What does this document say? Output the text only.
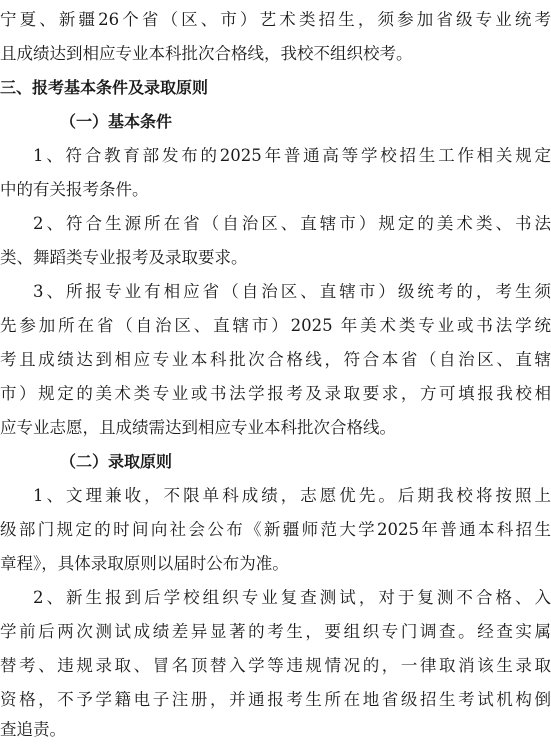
宁夏、新疆26个省（区、市）艺术类招生，须参加省级专业统考
且成绩达到相应专业本科批次合格线，我校不组织校考。
三、报考基本条件及录取原则
（一）基本条件
1、符合教育部发布的2025年普通高等学校招生工作相关规定
中的有关报考条件。
2、符合生源所在省（自治区、直辖市）规定的美术类、书法
类、舞蹈类专业报考及录取要求。
3、所报专业有相应省（自治区、直辖市）级统考的，考生须
先参加所在省（自治区、直辖市）2025 年美术类专业或书法学统
考且成绩达到相应专业本科批次合格线，符合本省（自治区、直辖
市）规定的美术类专业或书法学报考及录取要求，方可填报我校相
应专业志愿，且成绩需达到相应专业本科批次合格线。
（二）录取原则
1、文理兼收，不限单科成绩，志愿优先。后期我校将按照上
级部门规定的时间向社会公布《新疆师范大学2025年普通本科招生
章程》，具体录取原则以届时公布为准。
2、新生报到后学校组织专业复查测试，对于复测不合格、入
学前后两次测试成绩差异显著的考生，要组织专门调查。经查实属
替考、违规录取、冒名顶替入学等违规情况的，一律取消该生录取
资格，不予学籍电子注册，并通报考生所在地省级招生考试机构倒
查追责。
